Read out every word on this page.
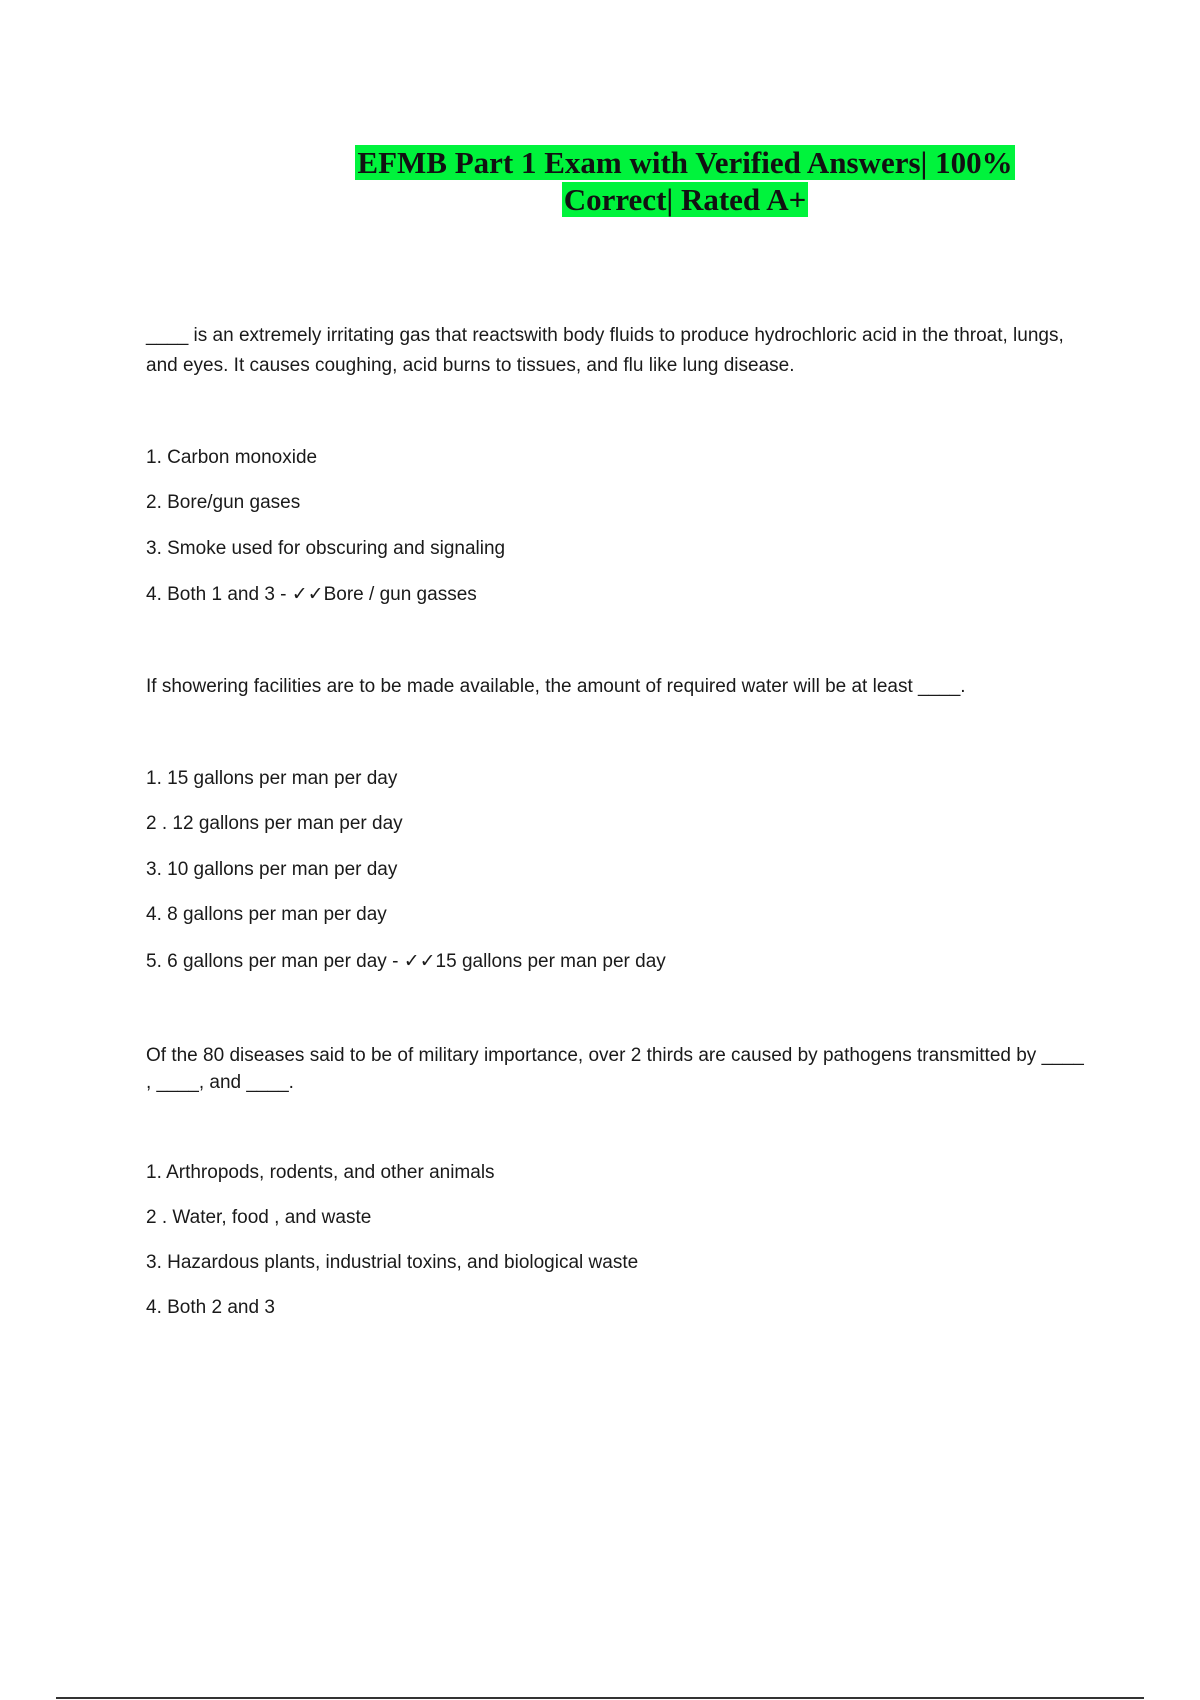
EFMB Part 1 Exam with Verified Answers| 100%
Correct| Rated A+
____ is an extremely irritating gas that reactswith body fluids to produce hydrochloric acid in the throat, lungs, and eyes. It causes coughing, acid burns to tissues, and flu like lung disease.
1. Carbon monoxide
2. Bore/gun gases
3. Smoke used for obscuring and signaling
4. Both 1 and 3 - ✓✓Bore / gun gasses
If showering facilities are to be made available, the amount of required water will be at least ____.
1. 15 gallons per man per day
2 . 12 gallons per man per day
3. 10 gallons per man per day
4. 8 gallons per man per day
5. 6 gallons per man per day - ✓✓15 gallons per man per day
Of the 80 diseases said to be of military importance, over 2 thirds are caused by pathogens transmitted by ____ , ____, and ____.
1. Arthropods, rodents, and other animals
2 . Water, food , and waste
3. Hazardous plants, industrial toxins, and biological waste
4. Both 2 and 3
